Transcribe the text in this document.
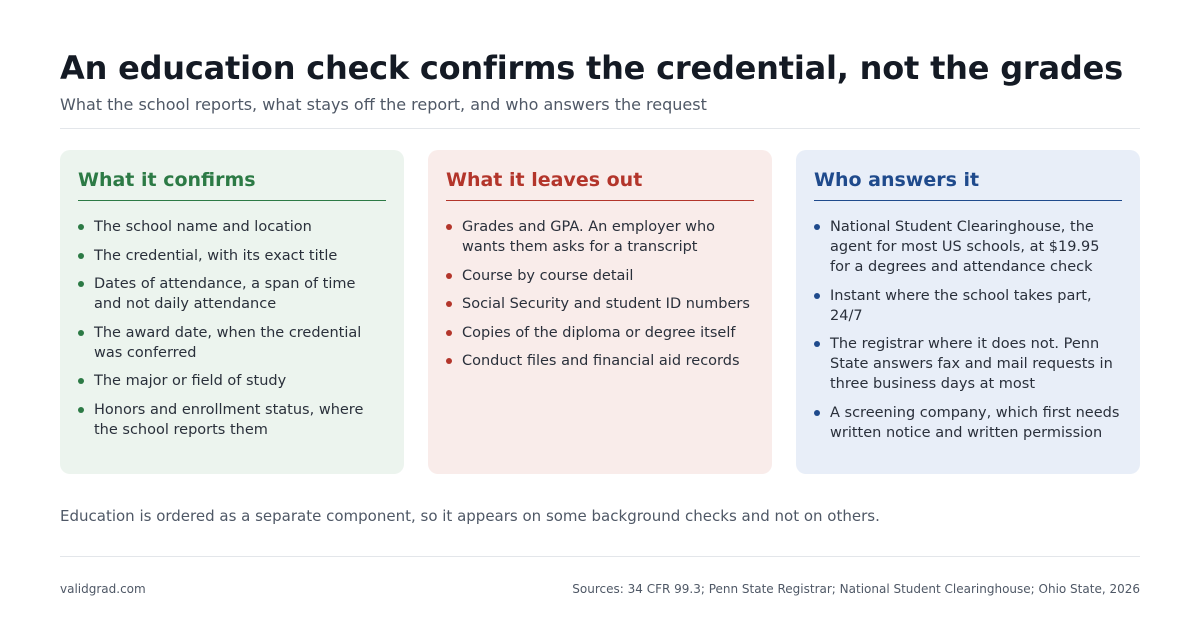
An education check confirms the credential, not the grades

What the school reports, what stays off the report, and who answers the request

What it confirms
The school name and location
The credential, with its exact title
Dates of attendance, a span of time and not daily attendance
The award date, when the credential was conferred
The major or field of study
Honors and enrollment status, where the school reports them
What it leaves out
Grades and GPA. An employer who wants them asks for a transcript
Course by course detail
Social Security and student ID numbers
Copies of the diploma or degree itself
Conduct files and financial aid records
Who answers it
National Student Clearinghouse, the agent for most US schools, at $19.95 for a degrees and attendance check
Instant where the school takes part, 24/7
The registrar where it does not. Penn State answers fax and mail requests in three business days at most
A screening company, which first needs written notice and written permission

Education is ordered as a separate component, so it appears on some background checks and not on others.

validgrad.com	Sources: 34 CFR 99.3; Penn State Registrar; National Student Clearinghouse; Ohio State, 2026
